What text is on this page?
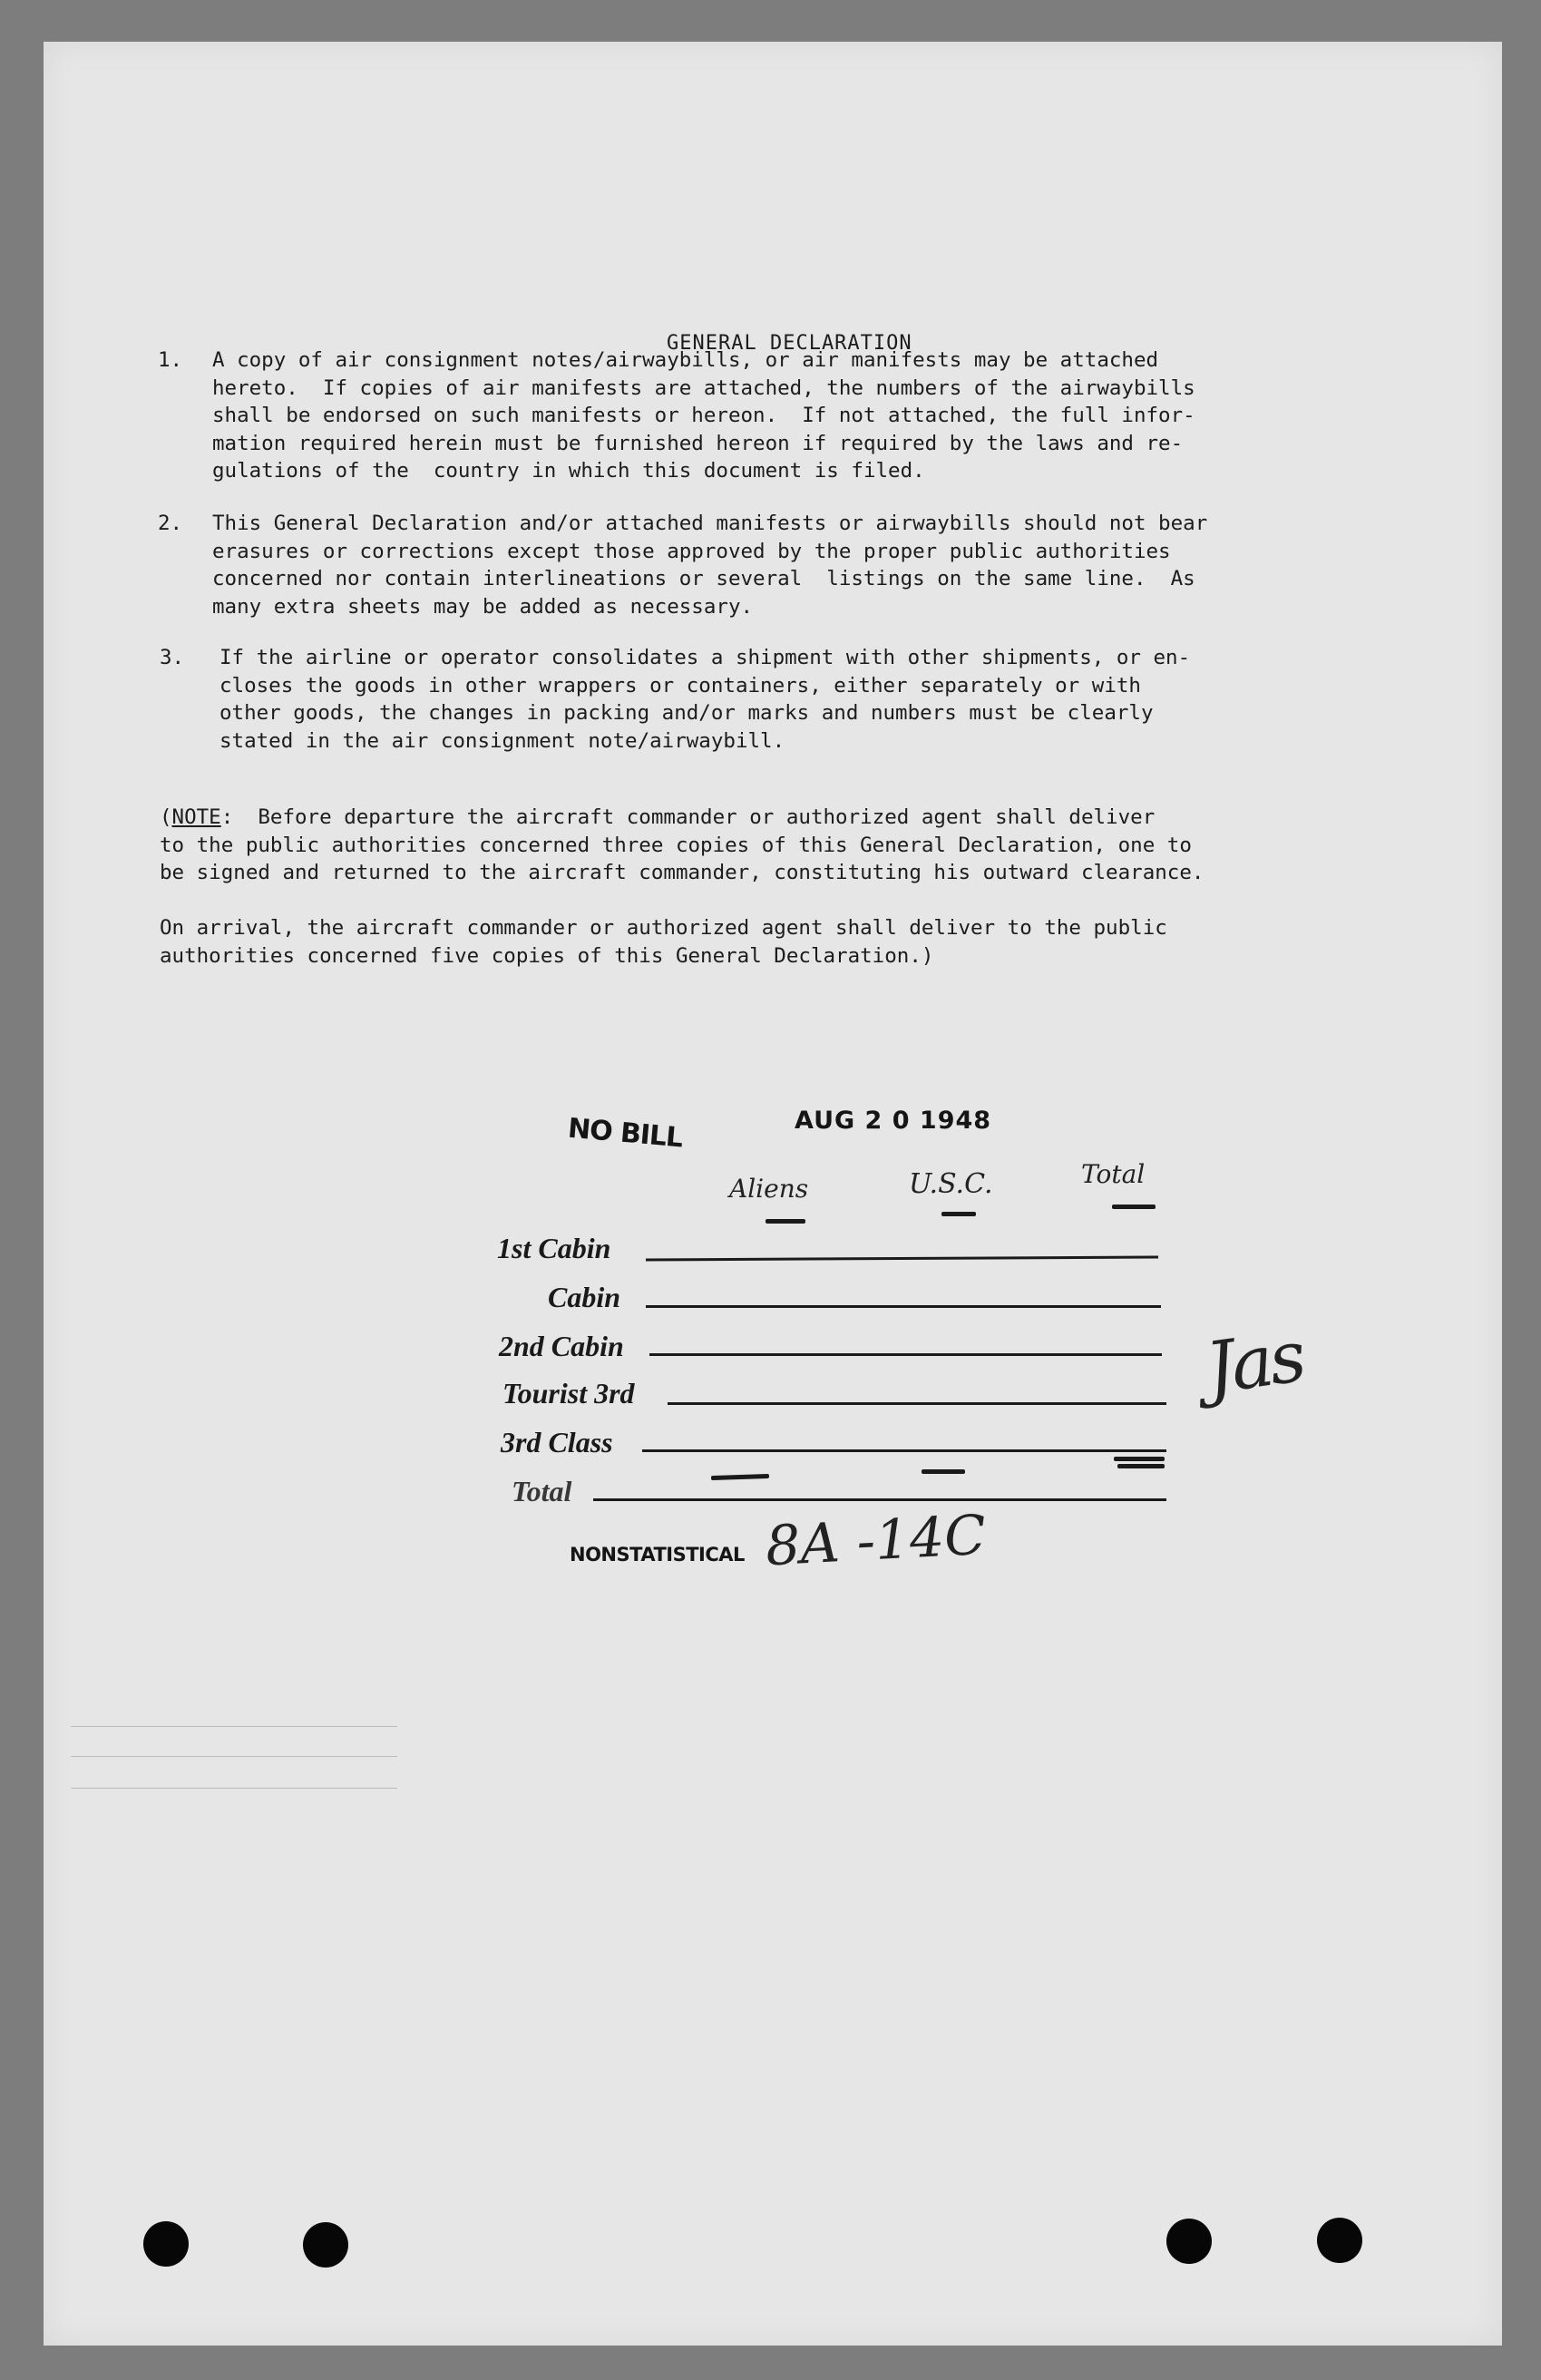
GENERAL DECLARATION
1. A copy of air consignment notes/airwaybills, or air manifests may be attached
hereto.  If copies of air manifests are attached, the numbers of the airwaybills
shall be endorsed on such manifests or hereon.  If not attached, the full infor-
mation required herein must be furnished hereon if required by the laws and re-
gulations of the  country in which this document is filed.
2. This General Declaration and/or attached manifests or airwaybills should not bear
erasures or corrections except those approved by the proper public authorities
concerned nor contain interlineations or several  listings on the same line.  As
many extra sheets may be added as necessary.
3. If the airline or operator consolidates a shipment with other shipments, or en-
closes the goods in other wrappers or containers, either separately or with
other goods, the changes in packing and/or marks and numbers must be clearly
stated in the air consignment note/airwaybill.
(NOTE:  Before departure the aircraft commander or authorized agent shall deliver
to the public authorities concerned three copies of this General Declaration, one to
be signed and returned to the aircraft commander, constituting his outward clearance.
On arrival, the aircraft commander or authorized agent shall deliver to the public
authorities concerned five copies of this General Declaration.)
NO BILL	AUG 2 0 1948
Aliens	U.S.C.	Total
1st Cabin
Cabin
2nd Cabin
Tourist 3rd
3rd Class
Total
Jas
NONSTATISTICAL 8A -14C
